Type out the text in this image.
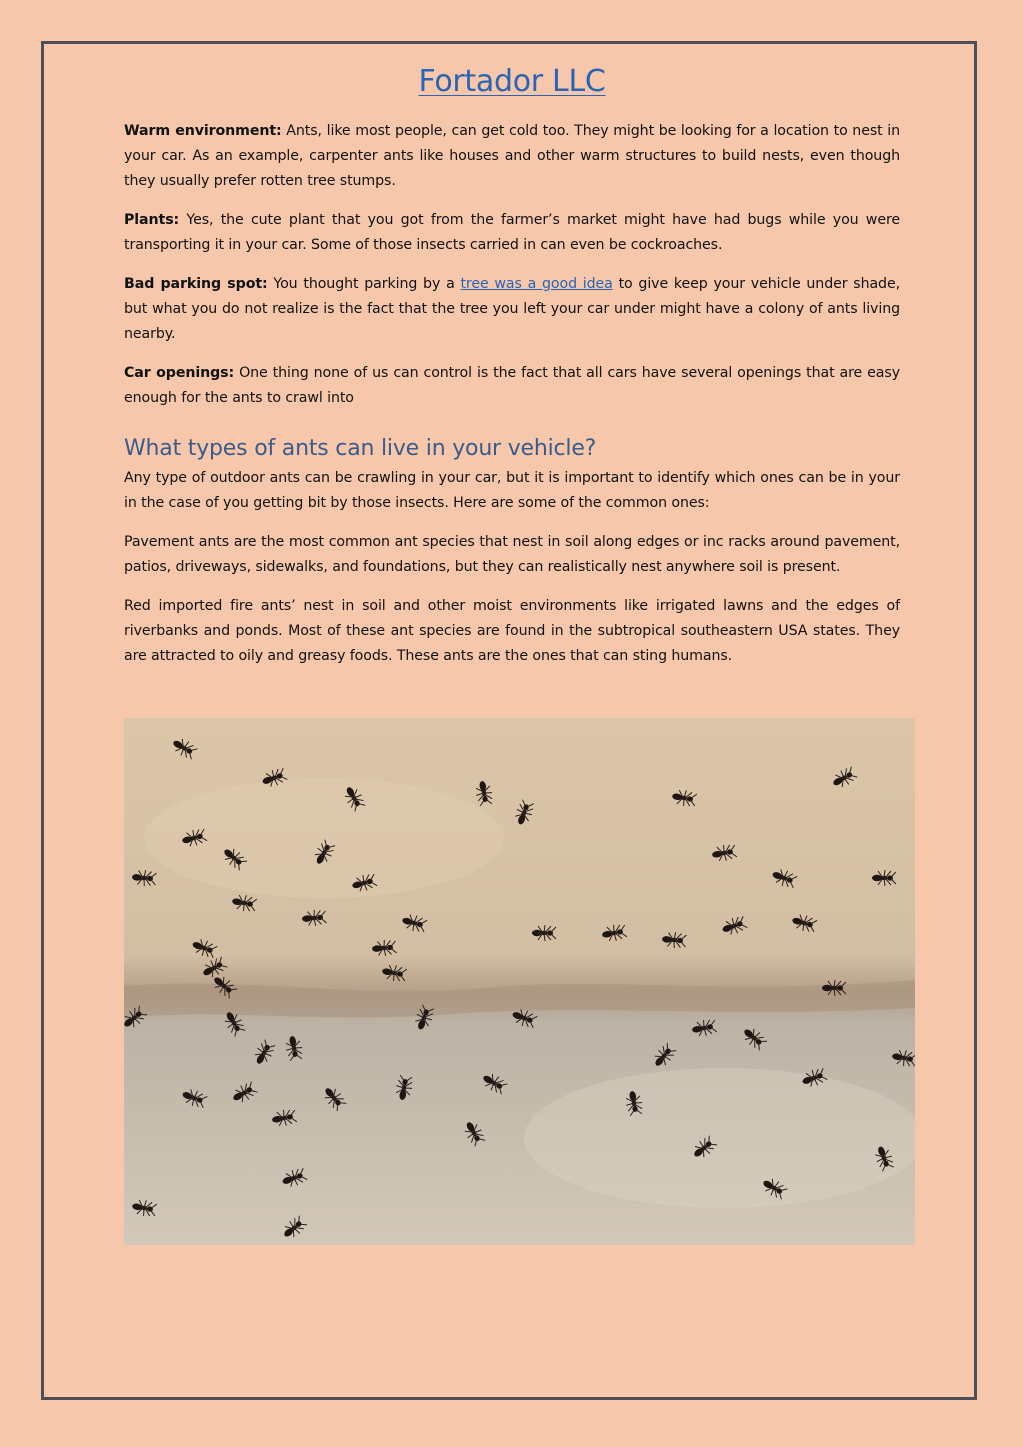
Fortador LLC

Warm environment: Ants, like most people, can get cold too. They might be looking for a location to nest in your car. As an example, carpenter ants like houses and other warm structures to build nests, even though they usually prefer rotten tree stumps.

Plants: Yes, the cute plant that you got from the farmer’s market might have had bugs while you were transporting it in your car. Some of those insects carried in can even be cockroaches.

Bad parking spot: You thought parking by a tree was a good idea to give keep your vehicle under shade, but what you do not realize is the fact that the tree you left your car under might have a colony of ants living nearby.

Car openings: One thing none of us can control is the fact that all cars have several openings that are easy enough for the ants to crawl into

What types of ants can live in your vehicle?

Any type of outdoor ants can be crawling in your car, but it is important to identify which ones can be in your in the case of you getting bit by those insects. Here are some of the common ones:

Pavement ants are the most common ant species that nest in soil along edges or inc racks around pavement, patios, driveways, sidewalks, and foundations, but they can realistically nest anywhere soil is present.

Red imported fire ants’ nest in soil and other moist environments like irrigated lawns and the edges of riverbanks and ponds. Most of these ant species are found in the subtropical southeastern USA states. They are attracted to oily and greasy foods. These ants are the ones that can sting humans.
